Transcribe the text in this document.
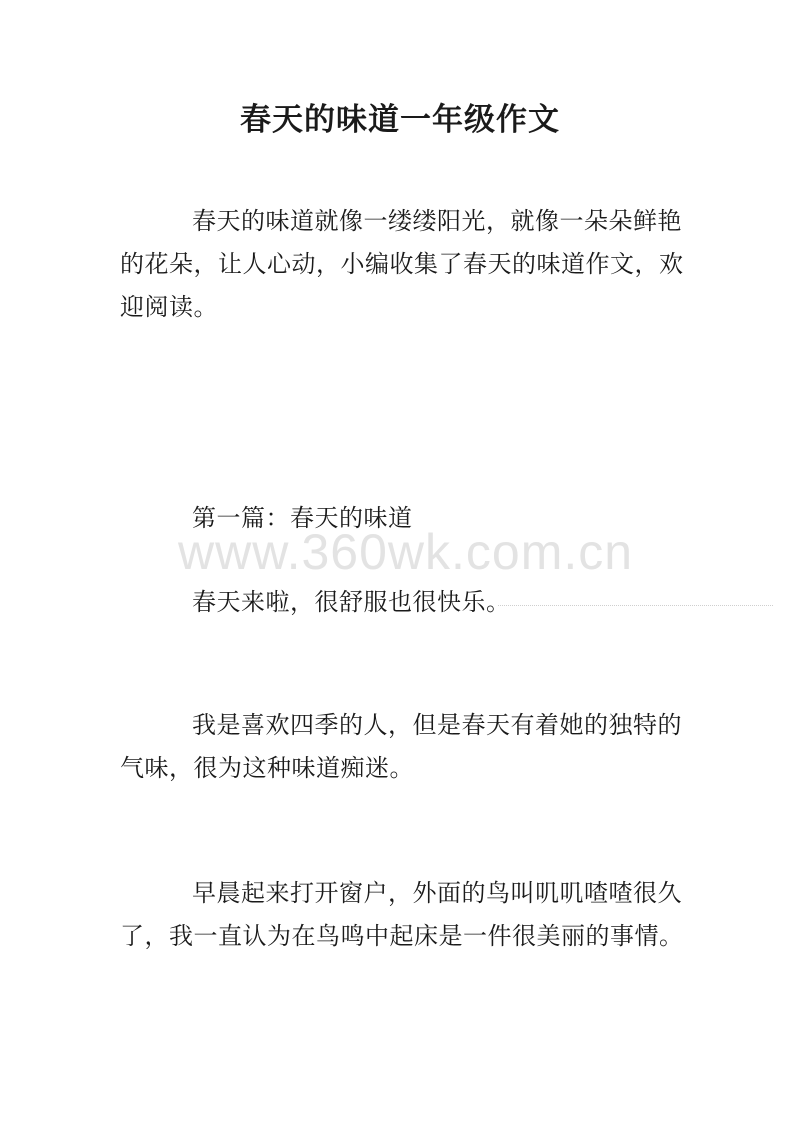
春天的味道一年级作文

春天的味道就像一缕缕阳光，就像一朵朵鲜艳的花朵，让人心动，小编收集了春天的味道作文，欢迎阅读。

第一篇：春天的味道

www.360wk.com.cn

春天来啦，很舒服也很快乐。

我是喜欢四季的人，但是春天有着她的独特的气味，很为这种味道痴迷。

早晨起来打开窗户，外面的鸟叫叽叽喳喳很久了，我一直认为在鸟鸣中起床是一件很美丽的事情。
